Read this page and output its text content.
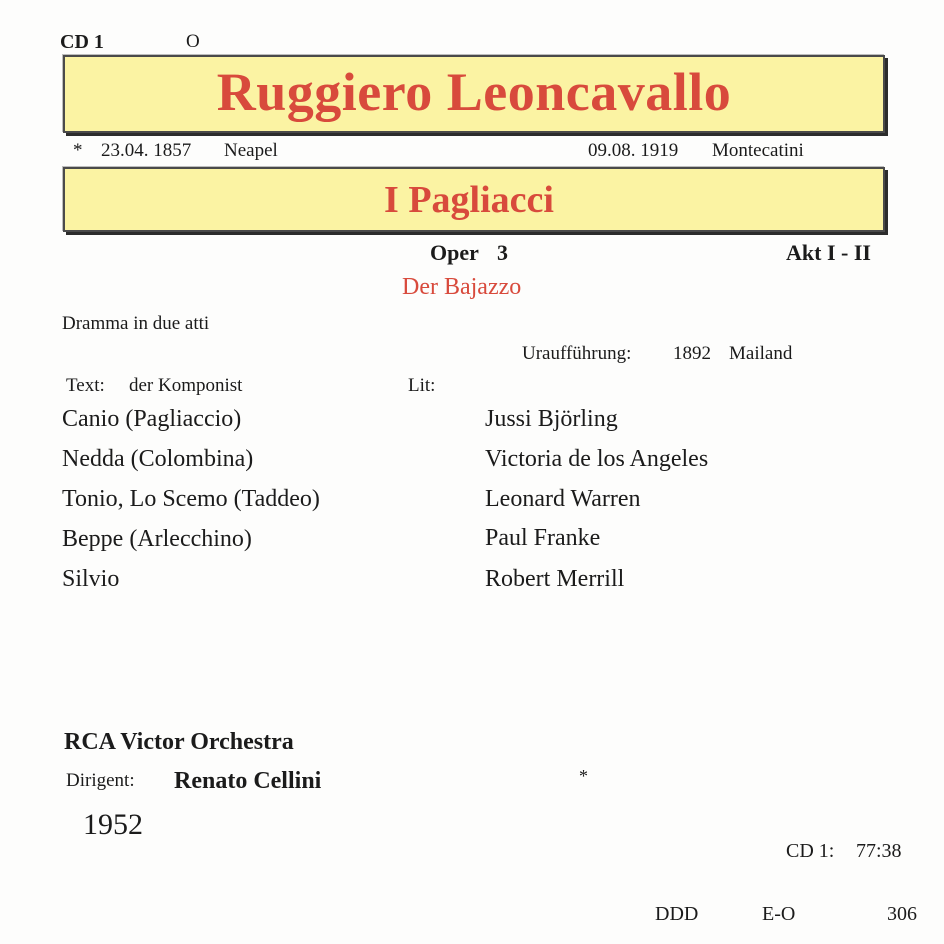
CD 1	O
Ruggiero Leoncavallo
* 23.04. 1857 Neapel	09.08. 1919 Montecatini
I Pagliacci
Oper 3	Akt I - II
Der Bajazzo
Dramma in due atti
Uraufführung: 1892 Mailand
Text: der Komponist	Lit:
Canio (Pagliaccio)	Jussi Björling
Nedda (Colombina)	Victoria de los Angeles
Tonio, Lo Scemo (Taddeo)	Leonard Warren
Beppe (Arlecchino)	Paul Franke
Silvio	Robert Merrill
RCA Victor Orchestra
Dirigent: Renato Cellini	*
1952
CD 1: 77:38
DDD	E-O	306
